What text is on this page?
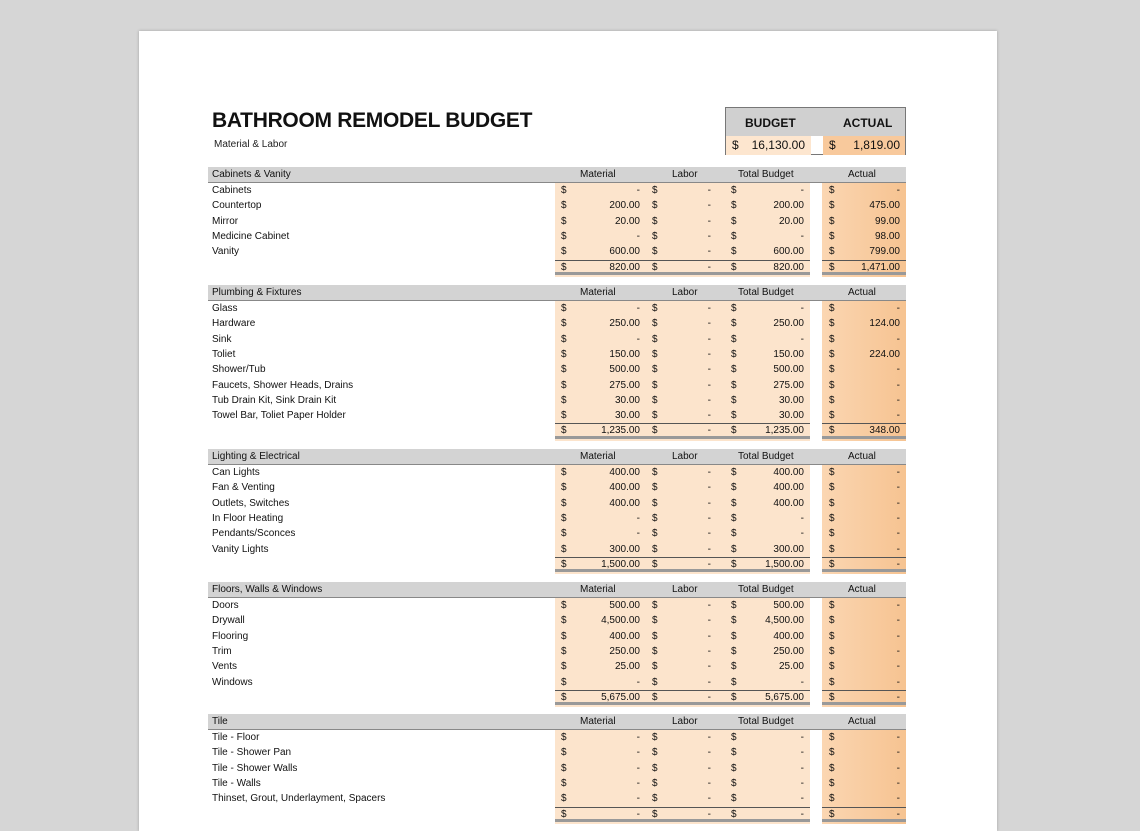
BATHROOM REMODEL BUDGET
Material & Labor
BUDGET	ACTUAL
$ 16,130.00 $ 1,819.00
Cabinets & Vanity	Material	Labor	Total Budget	Actual
Cabinets	$	- $	- $	-	$	-
Countertop	$	200.00 $	- $	200.00	$	475.00
Mirror	$	20.00 $	- $	20.00	$	99.00
Medicine Cabinet	$	- $	- $	-	$	98.00
Vanity	$	600.00 $	- $	600.00	$	799.00
$	820.00 $	- $	820.00	$	1,471.00
Plumbing & Fixtures	Material	Labor	Total Budget	Actual
Glass	$	- $	- $	-	$	-
Hardware	$	250.00 $	- $	250.00	$	124.00
Sink	$	- $	- $	-	$	-
Toliet	$	150.00 $	- $	150.00	$	224.00
Shower/Tub	$	500.00 $	- $	500.00	$	-
Faucets, Shower Heads, Drains	$	275.00 $	- $	275.00	$	-
Tub Drain Kit, Sink Drain Kit	$	30.00 $	- $	30.00	$	-
Towel Bar, Toliet Paper Holder	$	30.00 $	- $	30.00	$	-
$	1,235.00 $	- $	1,235.00	$	348.00
Lighting & Electrical	Material	Labor	Total Budget	Actual
Can Lights	$	400.00 $	- $	400.00	$	-
Fan & Venting	$	400.00 $	- $	400.00	$	-
Outlets, Switches	$	400.00 $	- $	400.00	$	-
In Floor Heating	$	- $	- $	-	$	-
Pendants/Sconces	$	- $	- $	-	$	-
Vanity Lights	$	300.00 $	- $	300.00	$	-
$	1,500.00 $	- $	1,500.00	$	-
Floors, Walls & Windows	Material	Labor	Total Budget	Actual
Doors	$	500.00 $	- $	500.00	$	-
Drywall	$	4,500.00 $	- $	4,500.00	$	-
Flooring	$	400.00 $	- $	400.00	$	-
Trim	$	250.00 $	- $	250.00	$	-
Vents	$	25.00 $	- $	25.00	$	-
Windows	$	- $	- $	-	$	-
$	5,675.00 $	- $	5,675.00	$	-
Tile	Material	Labor	Total Budget	Actual
Tile - Floor	$	- $	- $	-	$	-
Tile - Shower Pan	$	- $	- $	-	$	-
Tile - Shower Walls	$	- $	- $	-	$	-
Tile - Walls	$	- $	- $	-	$	-
Thinset, Grout, Underlayment, Spacers	$	- $	- $	-	$	-
$	- $	- $	-	$	-
